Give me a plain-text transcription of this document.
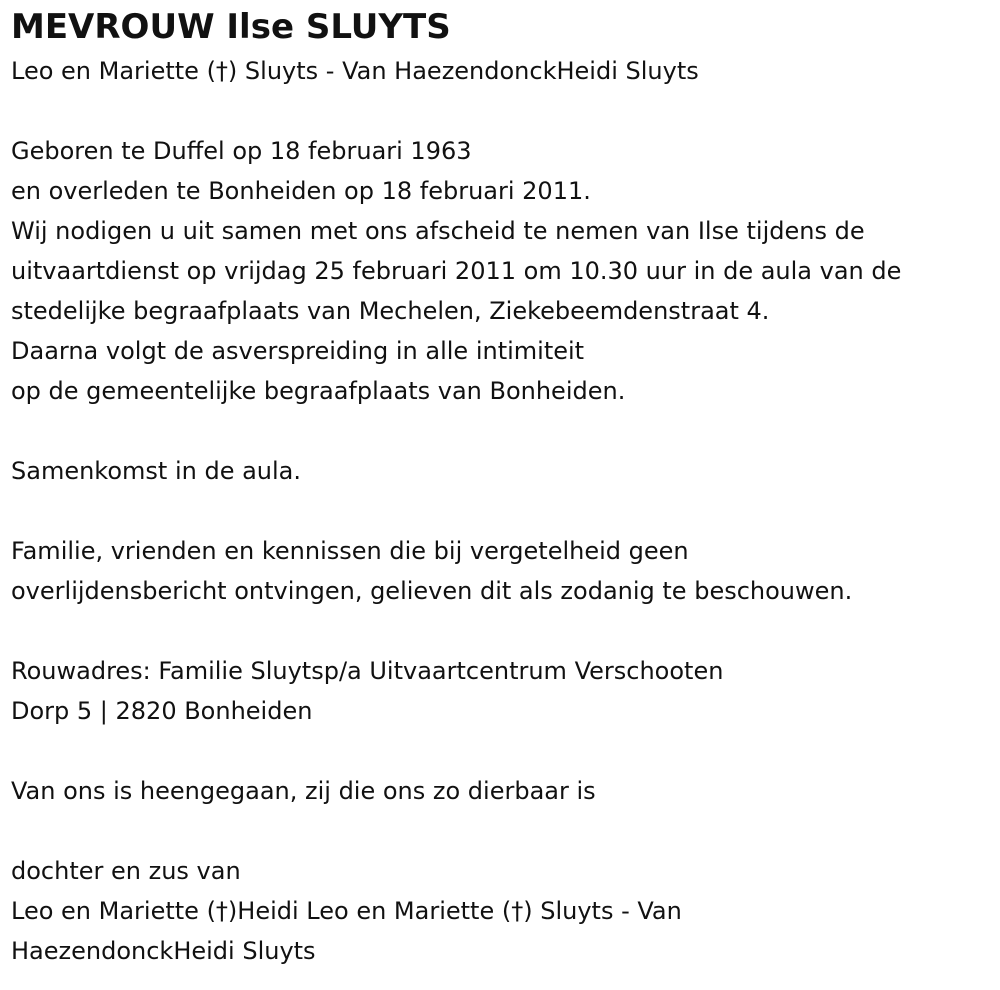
MEVROUW Ilse SLUYTS
Leo en Mariette (†) Sluyts - Van HaezendonckHeidi Sluyts
Geboren te Duffel op 18 februari 1963
en overleden te Bonheiden op 18 februari 2011.
Wij nodigen u uit samen met ons afscheid te nemen van Ilse tijdens de
uitvaartdienst op vrijdag 25 februari 2011 om 10.30 uur in de aula van de
stedelijke begraafplaats van Mechelen, Ziekebeemdenstraat 4.
Daarna volgt de asverspreiding in alle intimiteit
op de gemeentelijke begraafplaats van Bonheiden.
Samenkomst in de aula.
Familie, vrienden en kennissen die bij vergetelheid geen
overlijdensbericht ontvingen, gelieven dit als zodanig te beschouwen.
Rouwadres: Familie Sluytsp/a Uitvaartcentrum Verschooten
Dorp 5 | 2820 Bonheiden
Van ons is heengegaan, zij die ons zo dierbaar is
dochter en zus van
Leo en Mariette (†)Heidi Leo en Mariette (†) Sluyts - Van
HaezendonckHeidi Sluyts
